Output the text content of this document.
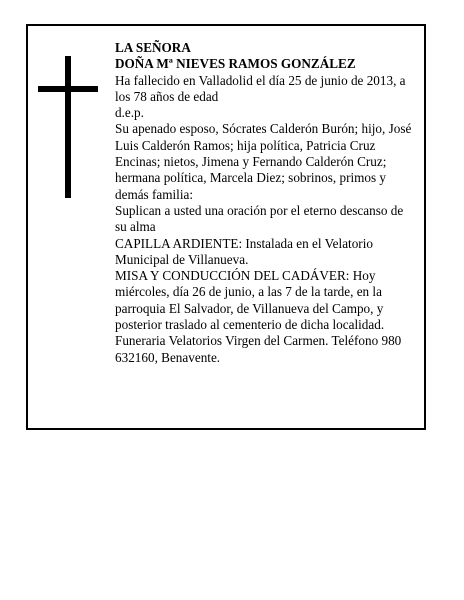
LA SEÑORA
DOÑA Mª NIEVES RAMOS GONZÁLEZ
Ha fallecido en Valladolid el día 25 de junio de 2013, a
los 78 años de edad
d.e.p.
Su apenado esposo, Sócrates Calderón Burón; hijo, José
Luis Calderón Ramos; hija política, Patricia Cruz
Encinas; nietos, Jimena y Fernando Calderón Cruz;
hermana política, Marcela Diez; sobrinos, primos y
demás familia:
Suplican a usted una oración por el eterno descanso de
su alma
CAPILLA ARDIENTE: Instalada en el Velatorio
Municipal de Villanueva.
MISA Y CONDUCCIÓN DEL CADÁVER: Hoy
miércoles, día 26 de junio, a las 7 de la tarde, en la
parroquia El Salvador, de Villanueva del Campo, y
posterior traslado al cementerio de dicha localidad.
Funeraria Velatorios Virgen del Carmen. Teléfono 980
632160, Benavente.
